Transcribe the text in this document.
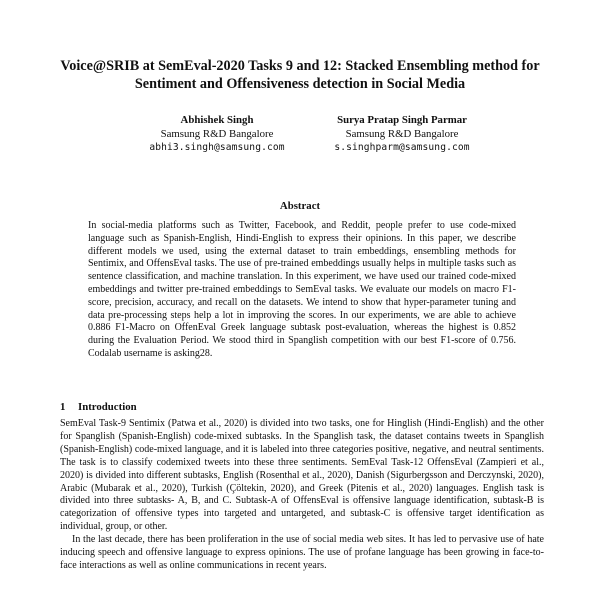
Voice@SRIB at SemEval-2020 Tasks 9 and 12: Stacked Ensembling method for Sentiment and Offensiveness detection in Social Media
Abhishek Singh
Samsung R&D Bangalore
abhi3.singh@samsung.com
Surya Pratap Singh Parmar
Samsung R&D Bangalore
s.singhparm@samsung.com
Abstract

In social-media platforms such as Twitter, Facebook, and Reddit, people prefer to use code-mixed language such as Spanish-English, Hindi-English to express their opinions. In this paper, we describe different models we used, using the external dataset to train embeddings, ensembling methods for Sentimix, and OffensEval tasks. The use of pre-trained embeddings usually helps in multiple tasks such as sentence classification, and machine translation. In this experiment, we have used our trained code-mixed embeddings and twitter pre-trained embeddings to SemEval tasks. We evaluate our models on macro F1-score, precision, accuracy, and recall on the datasets. We intend to show that hyper-parameter tuning and data pre-processing steps help a lot in improving the scores. In our experiments, we are able to achieve 0.886 F1-Macro on OffenEval Greek language subtask post-evaluation, whereas the highest is 0.852 during the Evaluation Period. We stood third in Spanglish competition with our best F1-score of 0.756. Codalab username is asking28.

1 Introduction

SemEval Task-9 Sentimix (Patwa et al., 2020) is divided into two tasks, one for Hinglish (Hindi-English) and the other for Spanglish (Spanish-English) code-mixed subtasks. In the Spanglish task, the dataset contains tweets in Spanglish (Spanish-English) code-mixed language, and it is labeled into three categories positive, negative, and neutral sentiments. The task is to classify codemixed tweets into these three sentiments. SemEval Task-12 OffensEval (Zampieri et al., 2020) is divided into different subtasks, English (Rosenthal et al., 2020), Danish (Sigurbergsson and Derczynski, 2020), Arabic (Mubarak et al., 2020), Turkish (Çöltekin, 2020), and Greek (Pitenis et al., 2020) languages. English task is divided into three subtasks- A, B, and C. Subtask-A of OffensEval is offensive language identification, subtask-B is categorization of offensive types into targeted and untargeted, and subtask-C is offensive target identification as individual, group, or other.

In the last decade, there has been proliferation in the use of social media web sites. It has led to pervasive use of hate inducing speech and offensive language to express opinions. The use of profane language has been growing in face-to-face interactions as well as online communications in recent years.
